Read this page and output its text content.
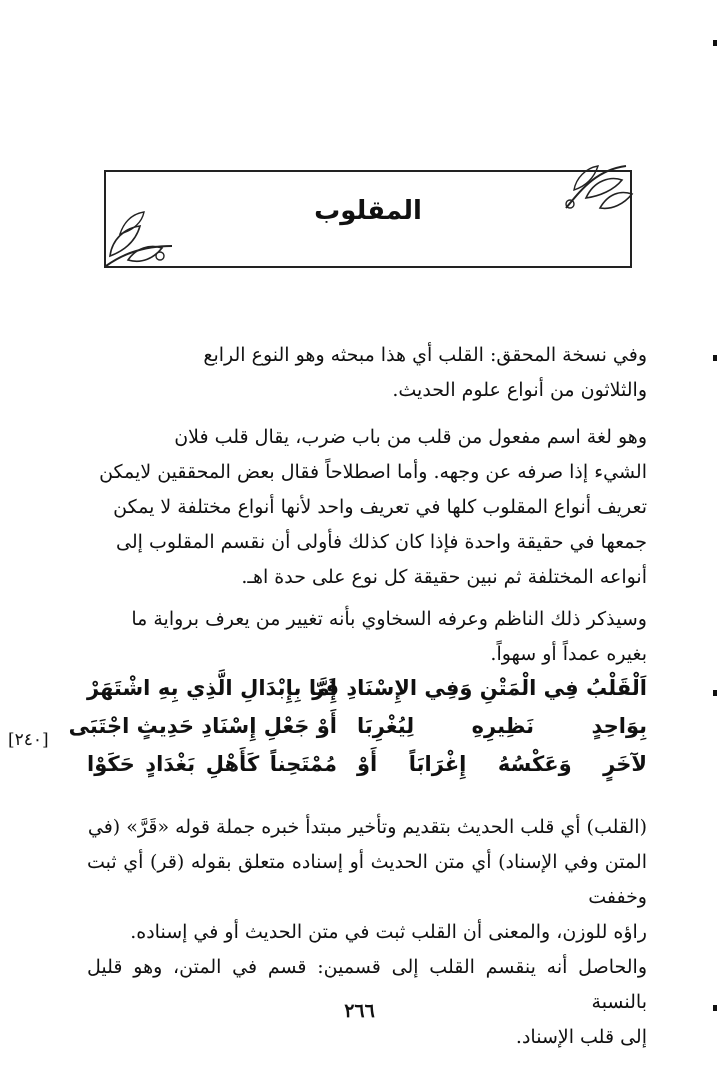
المقلوب
وفي نسخة المحقق: القلب أي هذا مبحثه وهو النوع الرابع
والثلاثون من أنواع علوم الحديث.
وهو لغة اسم مفعول من قلب من باب ضرب، يقال قلب فلان
الشيء إذا صرفه عن وجهه. وأما اصطلاحاً فقال بعض المحققين لايمكن
تعريف أنواع المقلوب كلها في تعريف واحد لأنها أنواع مختلفة لا يمكن
جمعها في حقيقة واحدة فإذا كان كذلك فأولى أن نقسم المقلوب إلى
أنواعه المختلفة ثم نبين حقيقة كل نوع على حدة اهـ.
وسيذكر ذلك الناظم وعرفه السخاوي بأنه تغيير من يعرف برواية ما
بغيره عمداً أو سهواً.
اَلْقَلْبُ فِي الْمَتْنِ وَفِي الإِسْنَادِ قَرّ
إِمَّا بِإِبْدَالِ الَّذِي بِهِ اشْتَهَرْ
بِوَاحِدٍ نَظِيرِهِ لِيُغْرِبَا
أَوْ جَعْلِ إِسْنَادِ حَدِيثٍ اجْتَبَى
لآخَرٍ وَعَكْسُهُ إِغْرَابَاً أَوْ
مُمْتَحِناً كَأَهْلِ بَغْدَادٍ حَكَوْا
[٢٤٠]
(القلب) أي قلب الحديث بتقديم وتأخير مبتدأ خبره جملة قوله «قَرَّ» (في
المتن وفي الإسناد) أي متن الحديث أو إسناده متعلق بقوله (قر) أي ثبت وخففت
راؤه للوزن، والمعنى أن القلب ثبت في متن الحديث أو في إسناده.
والحاصل أنه ينقسم القلب إلى قسمين: قسم في المتن، وهو قليل بالنسبة
إلى قلب الإسناد.
٢٦٦
